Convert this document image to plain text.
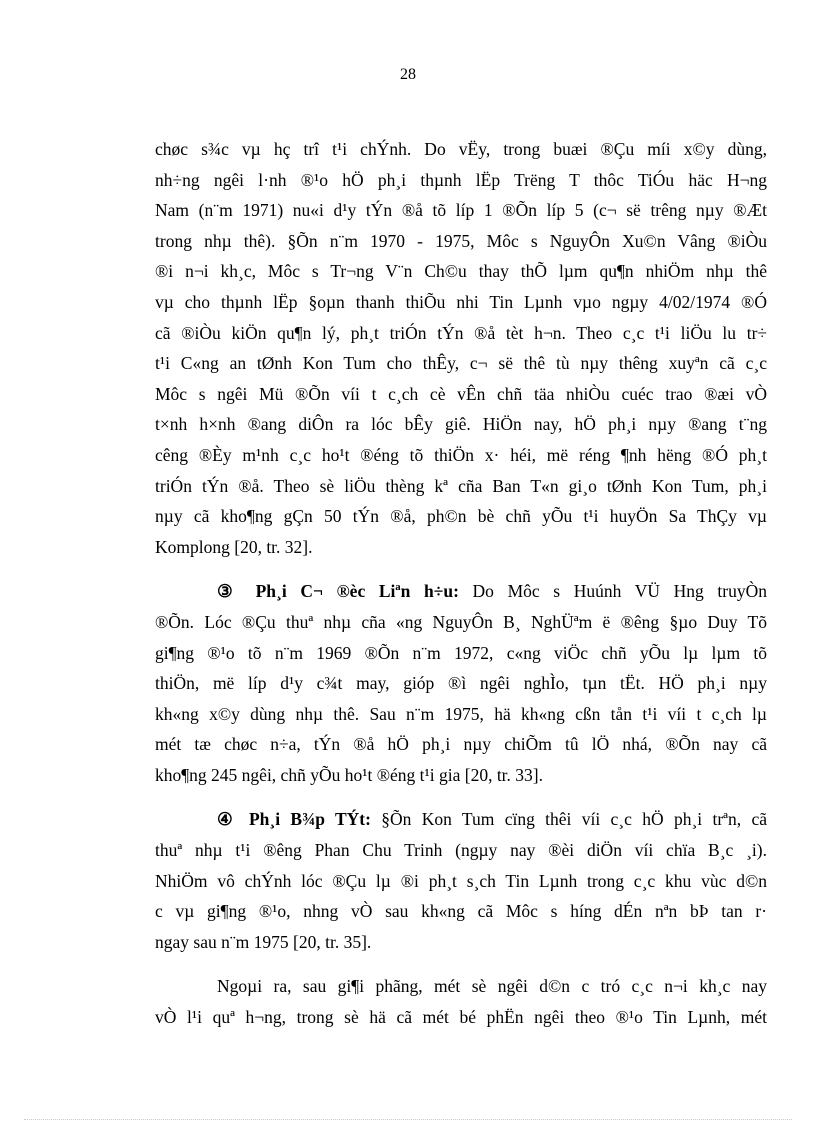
28
chøc s¾c vµ hç trî t¹i chÝnh. Do vËy, trong buæi ®Çu míi x©y dùng,
nh÷ng ngêi l·nh ®¹o hÖ ph¸i thµnh lËp Trëng T thôc TiÓu häc H¬ng
Nam (n¨m 1971) nu«i d¹y tÝn ®å tõ líp 1 ®Õn líp 5 (c¬ së trêng nµy ®Æt
trong nhµ thê). §Õn n¨m 1970 - 1975, Môc s NguyÔn Xu©n Vâng ®iÒu
®i n¬i kh¸c, Môc s Tr¬ng V¨n Ch©u thay thÕ lµm qu¶n nhiÖm nhµ thê
vµ cho thµnh lËp §oµn thanh thiÕu nhi Tin Lµnh vµo ngµy 4/02/1974 ®Ó
cã ®iÒu kiÖn qu¶n lý, ph¸t triÓn tÝn ®å tèt h¬n. Theo c¸c t¹i liÖu lu tr÷
t¹i C«ng an tØnh Kon Tum cho thÊy, c¬ së thê tù nµy thêng xuyªn cã c¸c
Môc s ngêi Mü ®Õn víi t c¸ch cè vÊn chñ täa nhiÒu cuéc trao ®æi vÒ
t×nh h×nh ®ang diÔn ra lóc bÊy giê. HiÖn nay, hÖ ph¸i nµy ®ang t¨ng
cêng ®Èy m¹nh c¸c ho¹t ®éng tõ thiÖn x· héi, më réng ¶nh hëng ®Ó ph¸t
triÓn tÝn ®å. Theo sè liÖu thèng kª cña Ban T«n gi¸o tØnh Kon Tum, ph¸i
nµy cã kho¶ng gÇn 50 tÝn ®å, ph©n bè chñ yÕu t¹i huyÖn Sa ThÇy vµ
Komplong [20, tr. 32].
③ Ph¸i C¬ ®èc Liªn h÷u: Do Môc s Huúnh VÜ Hng truyÒn
®Õn. Lóc ®Çu thuª nhµ cña «ng NguyÔn B¸ NghÜªm ë ®êng §µo Duy Tõ
gi¶ng ®¹o tõ n¨m 1969 ®Õn n¨m 1972, c«ng viÖc chñ yÕu lµ lµm tõ
thiÖn, më líp d¹y c¾t may, gióp ®ì ngêi nghÌo, tµn tËt. HÖ ph¸i nµy
kh«ng x©y dùng nhµ thê. Sau n¨m 1975, hä kh«ng cßn tån t¹i víi t c¸ch lµ
mét tæ chøc n÷a, tÝn ®å hÖ ph¸i nµy chiÕm tû lÖ nhá, ®Õn nay cã
kho¶ng 245 ngêi, chñ yÕu ho¹t ®éng t¹i gia [20, tr. 33].
④ Ph¸i B¾p TÝt: §Õn Kon Tum cïng thêi víi c¸c hÖ ph¸i trªn, cã
thuª nhµ t¹i ®êng Phan Chu Trinh (ngµy nay ®èi diÖn víi chïa B¸c ¸i).
NhiÖm vô chÝnh lóc ®Çu lµ ®i ph¸t s¸ch Tin Lµnh trong c¸c khu vùc d©n
c vµ gi¶ng ®¹o, nhng vÒ sau kh«ng cã Môc s híng dÉn nªn bÞ tan r·
ngay sau n¨m 1975 [20, tr. 35].
Ngoµi ra, sau gi¶i phãng, mét sè ngêi d©n c tró c¸c n¬i kh¸c nay
vÒ l¹i quª h¬ng, trong sè hä cã mét bé phËn ngêi theo ®¹o Tin Lµnh, mét
